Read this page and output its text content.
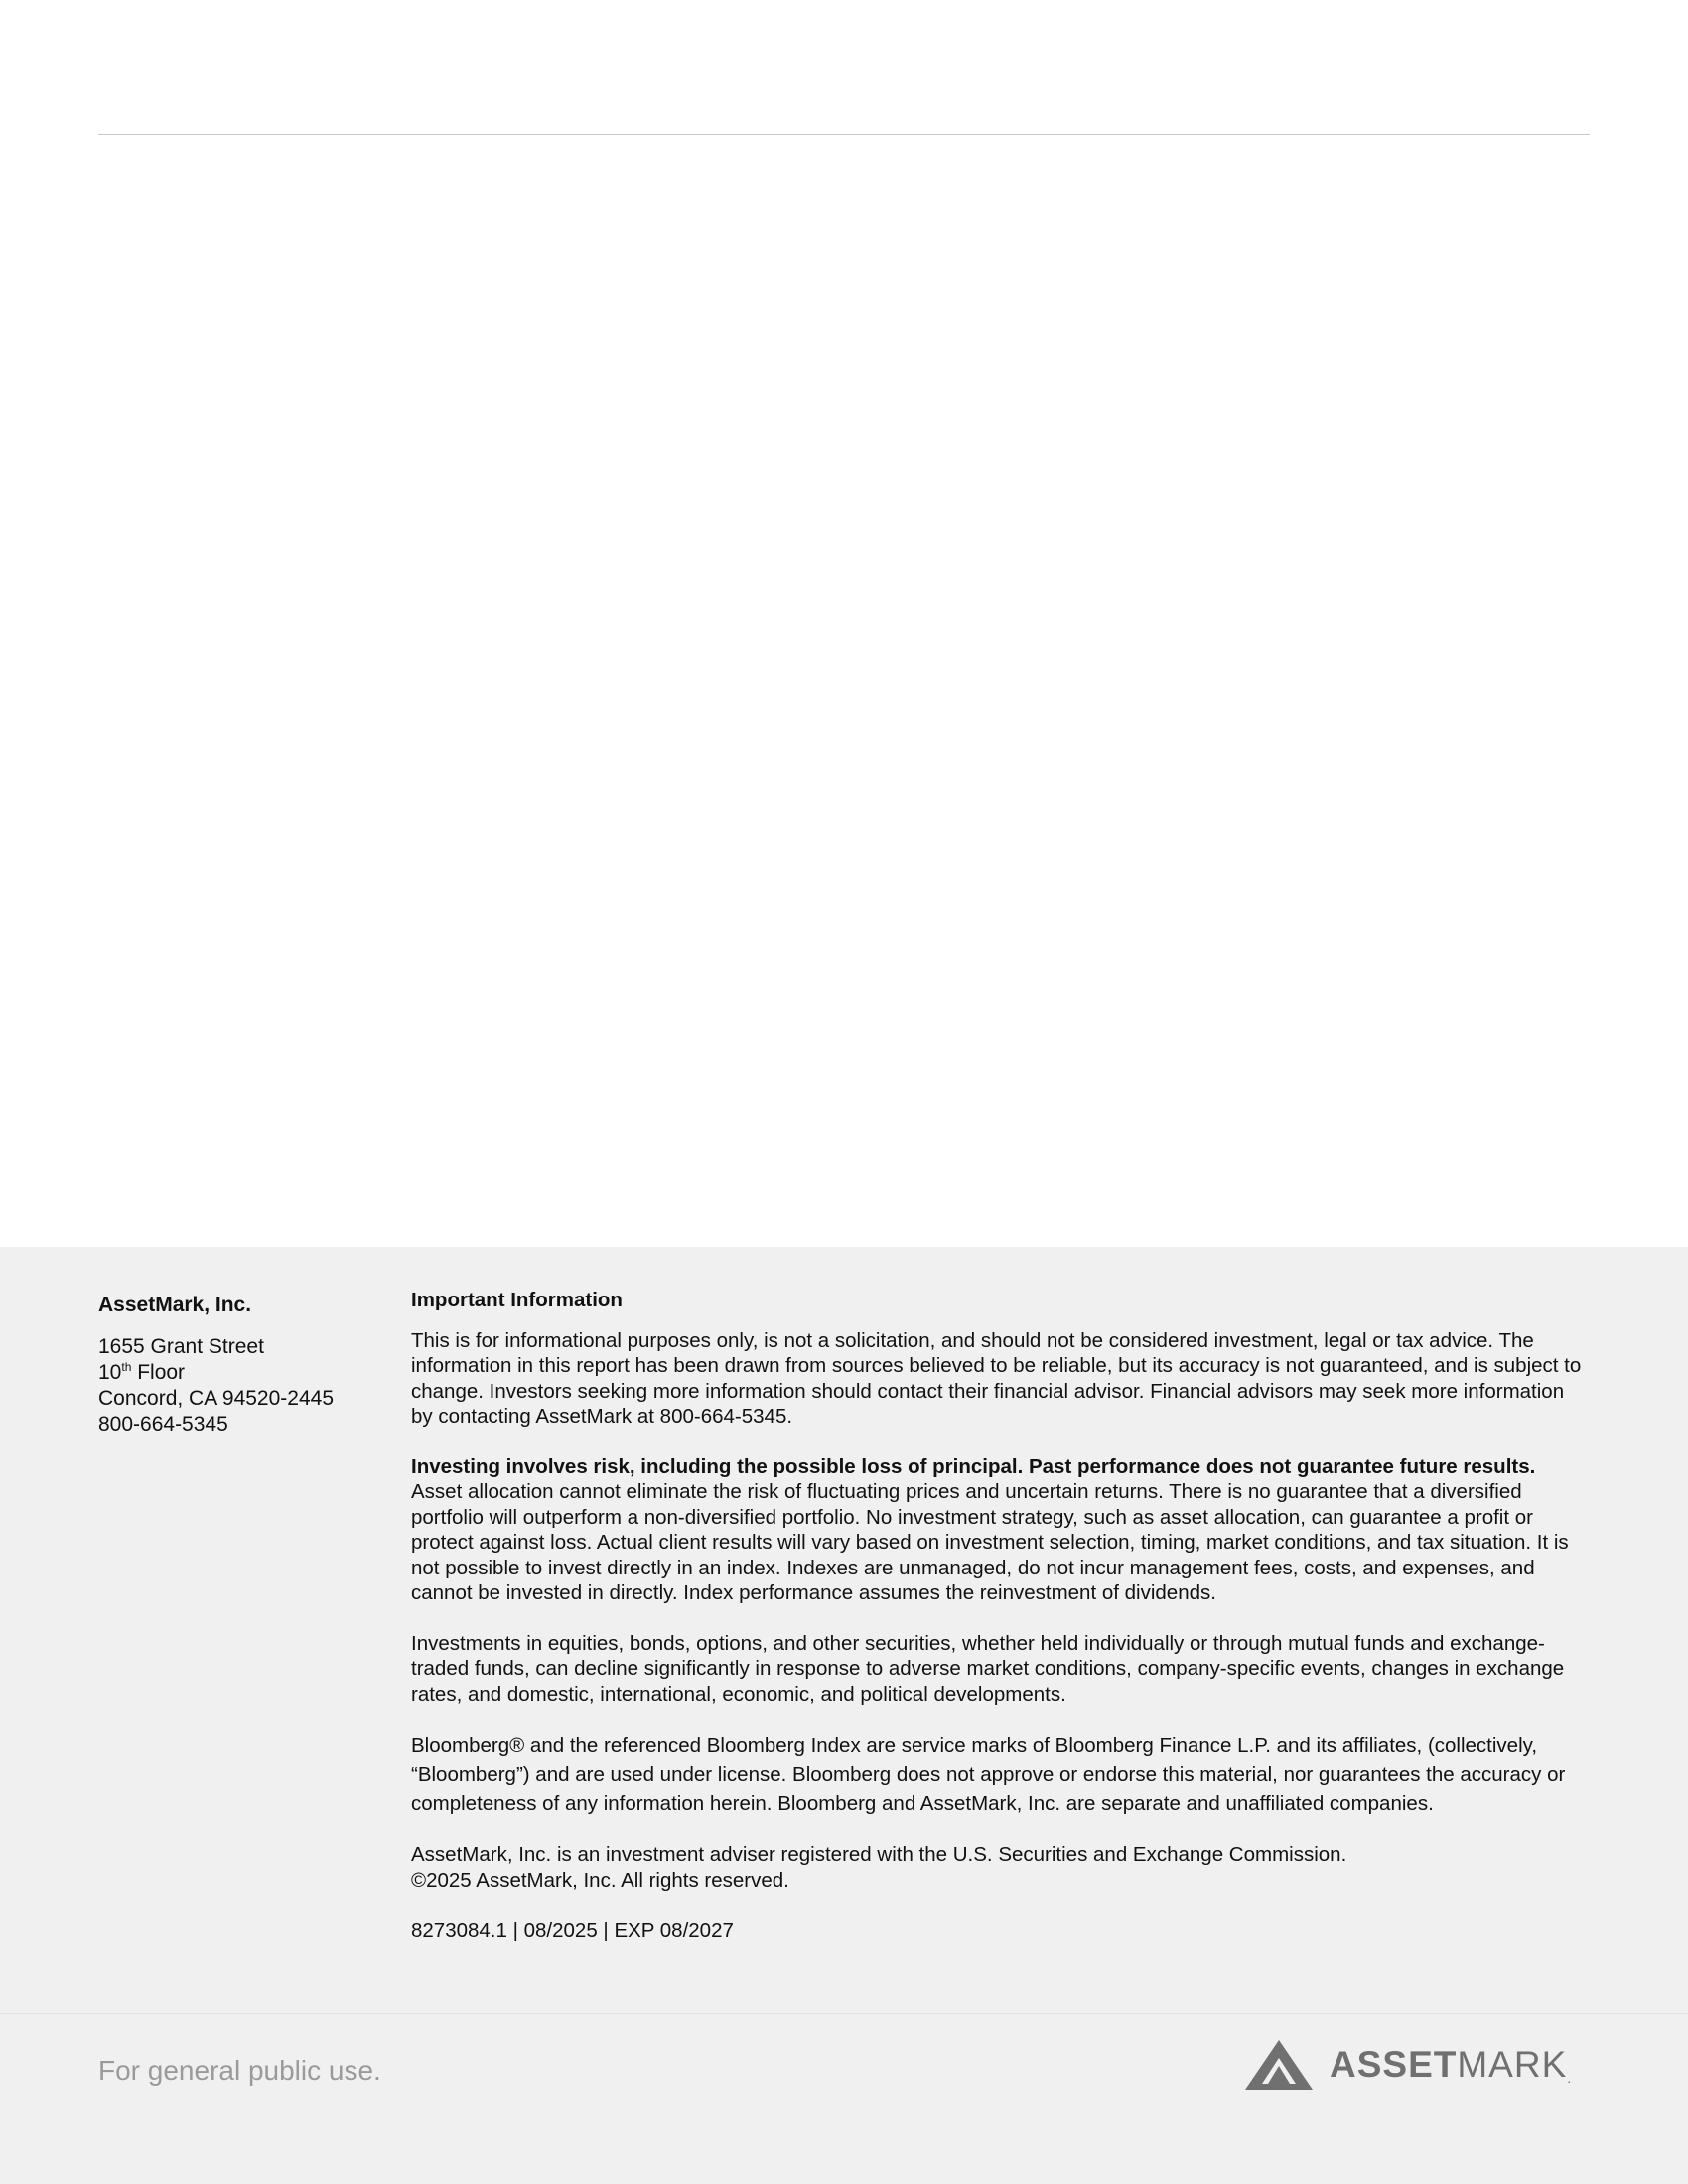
AssetMark, Inc.
1655 Grant Street
10th Floor
Concord, CA 94520-2445
800-664-5345
Important Information

This is for informational purposes only, is not a solicitation, and should not be considered investment, legal or tax advice. The information in this report has been drawn from sources believed to be reliable, but its accuracy is not guaranteed, and is subject to change. Investors seeking more information should contact their financial advisor. Financial advisors may seek more information by contacting AssetMark at 800-664-5345.

Investing involves risk, including the possible loss of principal. Past performance does not guarantee future results. Asset allocation cannot eliminate the risk of fluctuating prices and uncertain returns. There is no guarantee that a diversified portfolio will outperform a non-diversified portfolio. No investment strategy, such as asset allocation, can guarantee a profit or protect against loss. Actual client results will vary based on investment selection, timing, market conditions, and tax situation. It is not possible to invest directly in an index. Indexes are unmanaged, do not incur management fees, costs, and expenses, and cannot be invested in directly. Index performance assumes the reinvestment of dividends.

Investments in equities, bonds, options, and other securities, whether held individually or through mutual funds and exchange-traded funds, can decline significantly in response to adverse market conditions, company-specific events, changes in exchange rates, and domestic, international, economic, and political developments.

Bloomberg® and the referenced Bloomberg Index are service marks of Bloomberg Finance L.P. and its affiliates, (collectively, “Bloomberg”) and are used under license. Bloomberg does not approve or endorse this material, nor guarantees the accuracy or completeness of any information herein. Bloomberg and AssetMark, Inc. are separate and unaffiliated companies.

AssetMark, Inc. is an investment adviser registered with the U.S. Securities and Exchange Commission.
©2025 AssetMark, Inc. All rights reserved.

8273084.1 | 08/2025 | EXP 08/2027

For general public use.	ASSETMARK.
